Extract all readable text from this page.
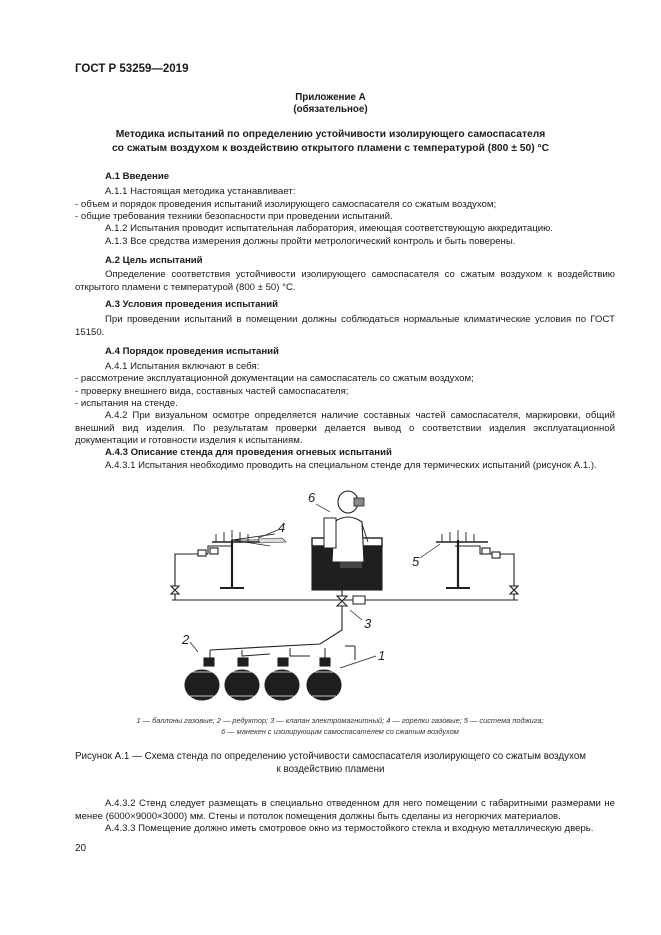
ГОСТ Р 53259—2019
Приложение А
(обязательное)
Методика испытаний по определению устойчивости изолирующего самоспасателя
со сжатым воздухом к воздействию открытого пламени с температурой (800 ± 50) °С
А.1 Введение
А.1.1 Настоящая методика устанавливает:
- объем и порядок проведения испытаний изолирующего самоспасателя со сжатым воздухом;
- общие требования техники безопасности при проведении испытаний.
А.1.2 Испытания проводит испытательная лаборатория, имеющая соответствующую аккредитацию.
А.1.3 Все средства измерения должны пройти метрологический контроль и быть поверены.
А.2 Цель испытаний
Определение соответствия устойчивости изолирующего самоспасателя со сжатым воздухом к воздействию открытого пламени с температурой (800 ± 50) °С.
А.3 Условия проведения испытаний
При проведении испытаний в помещении должны соблюдаться нормальные климатические условия по ГОСТ 15150.
А.4 Порядок проведения испытаний
А.4.1 Испытания включают в себя:
- рассмотрение эксплуатационной документации на самоспасатель со сжатым воздухом;
- проверку внешнего вида, составных частей самоспасателя;
- испытания на стенде.
А.4.2 При визуальном осмотре определяется наличие составных частей самоспасателя, маркировки, общий внешний вид изделия. По результатам проверки делается вывод о соответствии изделия эксплуатационной документации и готовности изделия к испытаниям.
А.4.3 Описание стенда для проведения огневых испытаний
А.4.3.1 Испытания необходимо проводить на специальном стенде для термических испытаний (рисунок А.1.).
1
2
3
4
5
6
1 — баллоны газовые; 2 — редуктор; 3 — клапан электромагнитный; 4 — горелки газовые; 5 — система поджига;
6 — манекен с изолирующим самоспасателем со сжатым воздухом
Рисунок А.1 — Схема стенда по определению устойчивости самоспасателя изолирующего со сжатым воздухом
к воздействию пламени
А.4.3.2 Стенд следует размещать в специально отведенном для него помещении с габаритными размерами не менее (6000×9000×3000) мм. Стены и потолок помещения должны быть сделаны из негорючих материалов.
А.4.3.3 Помещение должно иметь смотровое окно из термостойкого стекла и входную металлическую дверь.
20
